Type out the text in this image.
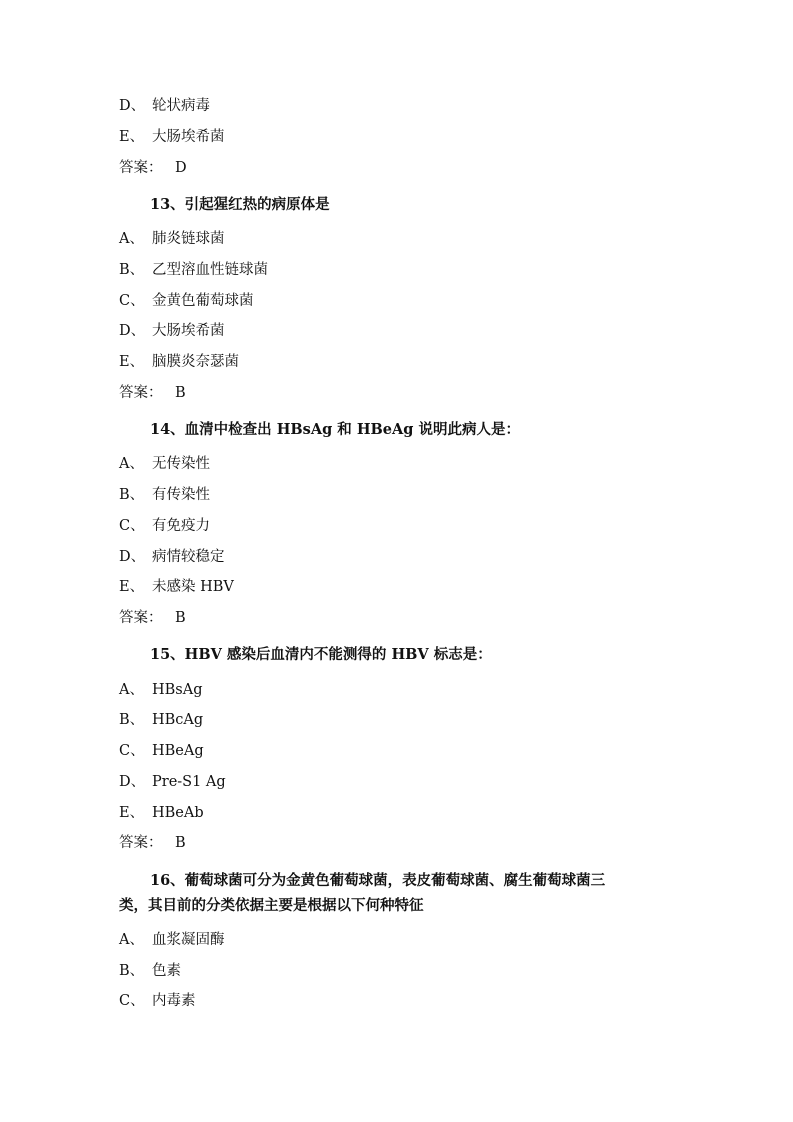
D、 轮状病毒
E、 大肠埃希菌
答案： D
13、引起猩红热的病原体是
A、 肺炎链球菌
B、 乙型溶血性链球菌
C、 金黄色葡萄球菌
D、 大肠埃希菌
E、 脑膜炎奈瑟菌
答案： B
14、血清中检查出 HBsAg 和 HBeAg 说明此病人是：
A、 无传染性
B、 有传染性
C、 有免疫力
D、 病情较稳定
E、 未感染 HBV
答案： B
15、HBV 感染后血清内不能测得的 HBV 标志是：
A、 HBsAg
B、 HBcAg
C、 HBeAg
D、 Pre-S1 Ag
E、 HBeAb
答案： B
16、葡萄球菌可分为金黄色葡萄球菌，表皮葡萄球菌、腐生葡萄球菌三
类，其目前的分类依据主要是根据以下何种特征
A、 血浆凝固酶
B、 色素
C、 内毒素
